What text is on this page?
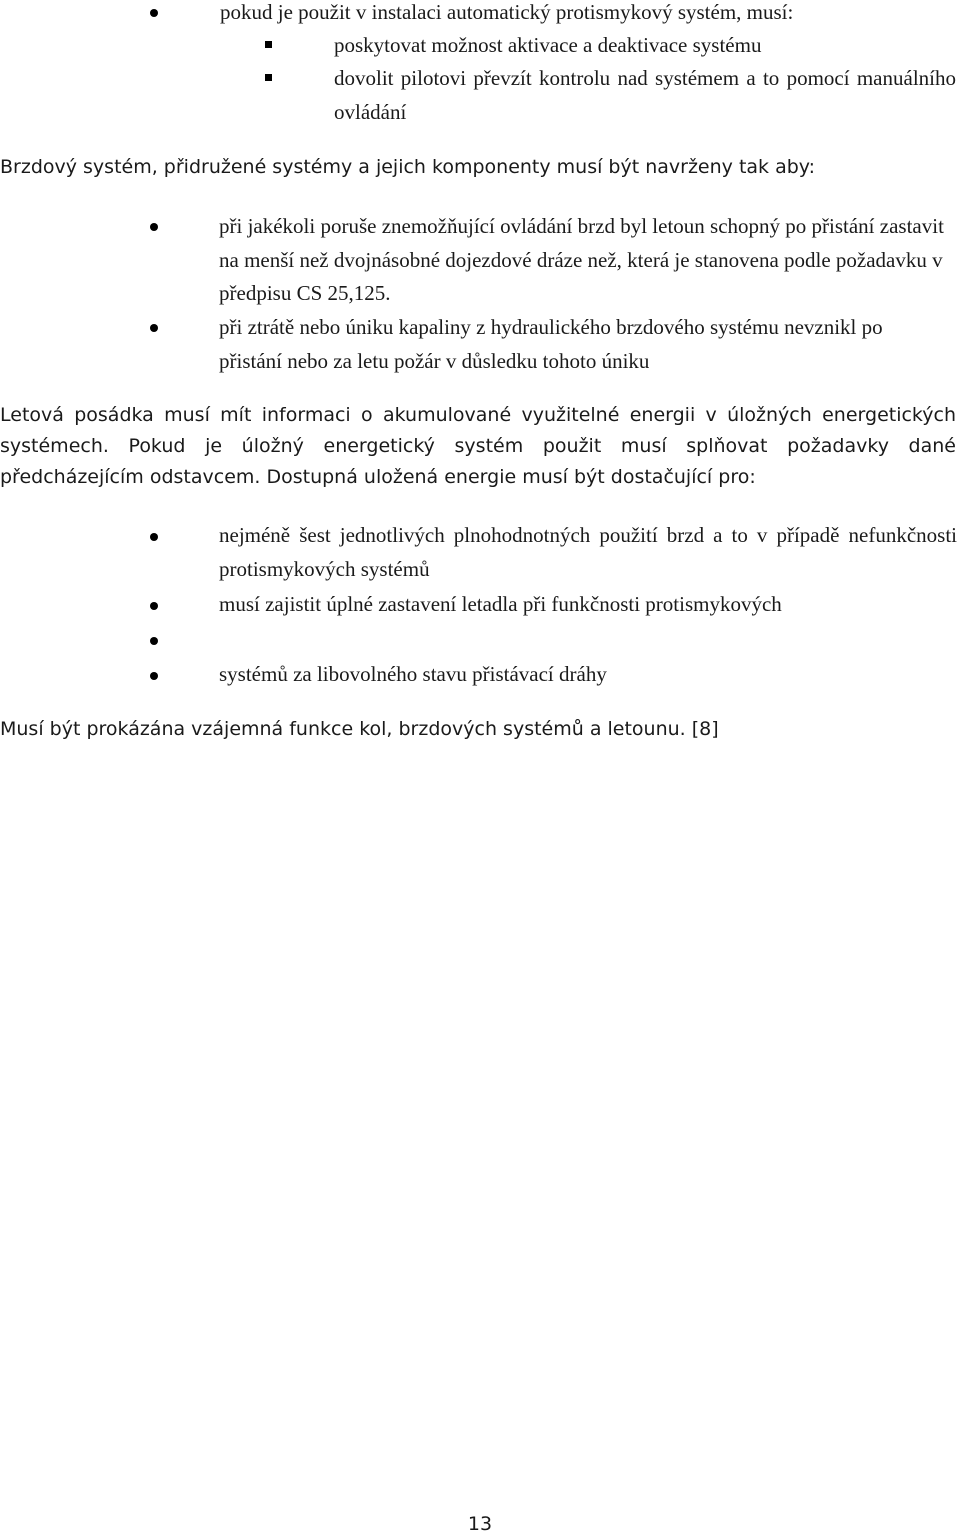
pokud je použit v instalaci automatický protismykový systém, musí:

poskytovat možnost aktivace a deaktivace systému

dovolit pilotovi převzít kontrolu nad systémem a to pomocí manuálního ovládání

Brzdový systém, přidružené systémy a jejich komponenty musí být navrženy tak aby:

při jakékoli poruše znemožňující ovládání brzd byl letoun schopný po přistání zastavit na menší než dvojnásobné dojezdové dráze než, která je stanovena podle požadavku v předpisu CS 25,125.

při ztrátě nebo úniku kapaliny z hydraulického brzdového systému nevznikl po přistání nebo za letu požár v důsledku tohoto úniku

Letová posádka musí mít informaci o akumulované využitelné energii v úložných energetických systémech. Pokud je úložný energetický systém použit musí splňovat požadavky dané předcházejícím odstavcem. Dostupná uložená energie musí být dostačující pro:

nejméně šest jednotlivých plnohodnotných použití brzd a to v případě nefunkčnosti protismykových systémů

musí zajistit úplné zastavení letadla při funkčnosti protismykových

systémů za libovolného stavu přistávací dráhy

Musí být prokázána vzájemná funkce kol, brzdových systémů a letounu. [8]

13
